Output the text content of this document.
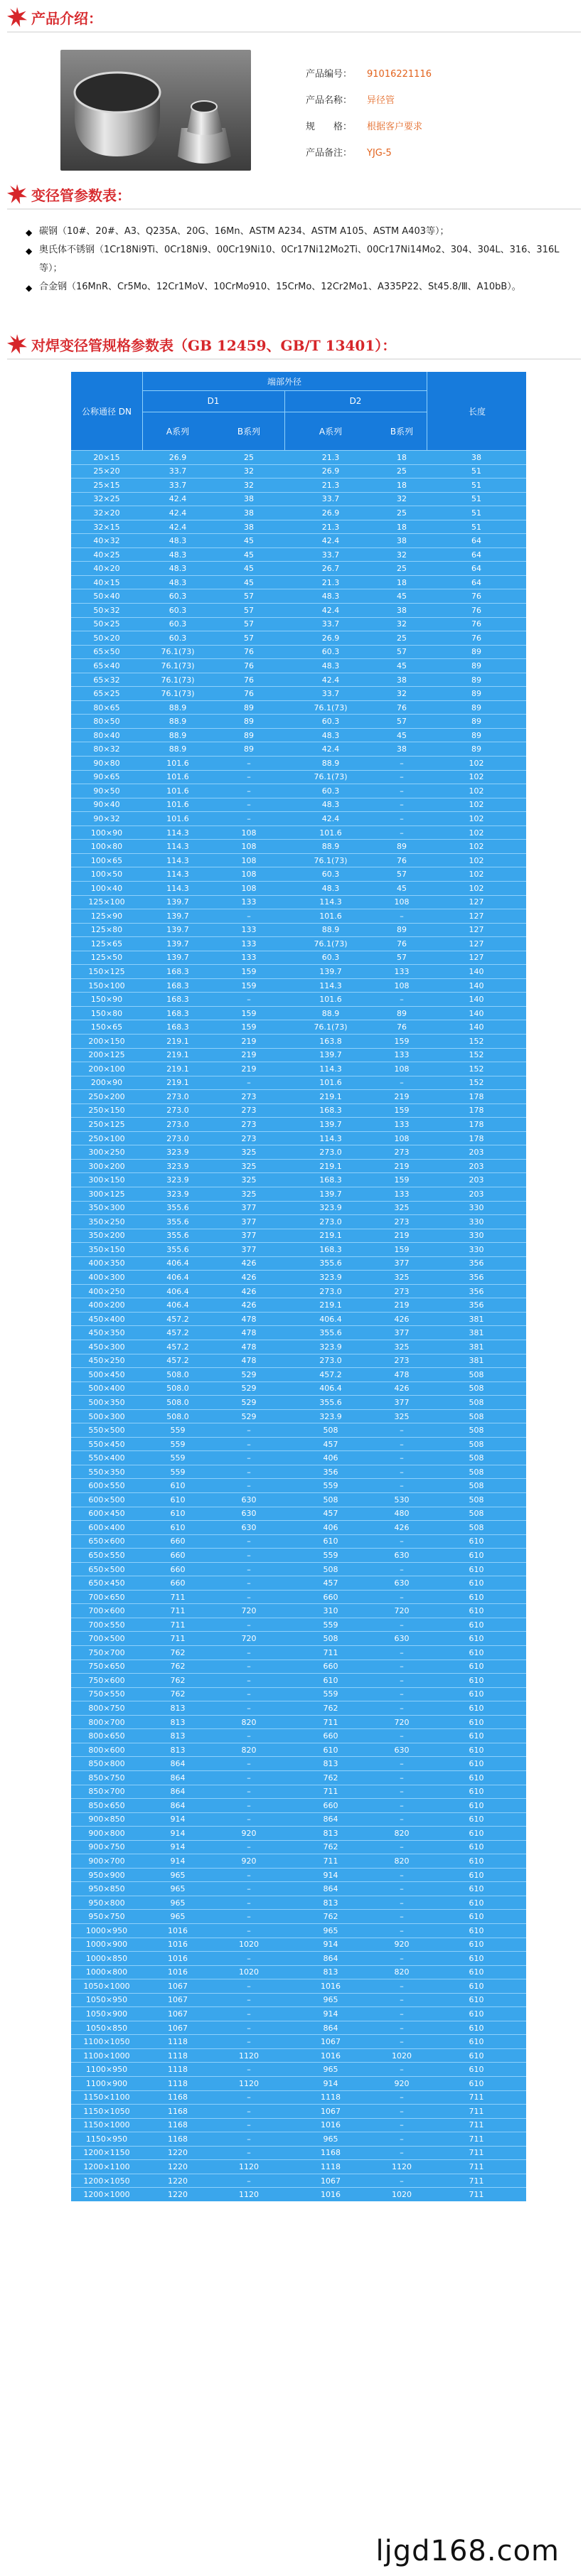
产品介绍：
产品编号： 91016221116
产品名称： 异径管
规　　格： 根据客户要求
产品备注： YJG-5
变径管参数表：
◆ 碳钢（10#、20#、A3、Q235A、20G、16Mn、ASTM A234、ASTM A105、ASTM A403等）；
◆ 奥氏体不锈钢（1Cr18Ni9Ti、0Cr18Ni9、00Cr19Ni10、0Cr17Ni12Mo2Ti、00Cr17Ni14Mo2、304、304L、316、316L等）；
◆ 合金钢（16MnR、Cr5Mo、12Cr1MoV、10CrMo910、15CrMo、12Cr2Mo1、A335P22、St45.8/Ⅲ、A10bB）。
对焊变径管规格参数表（GB 12459、GB/T 13401）：
公称通径 DN
端部外径
D1	D2
A系列	B系列	A系列	B系列
长度
20×15	26.9	25	21.3	18	38
25×20	33.7	32	26.9	25	51
25×15	33.7	32	21.3	18	51
32×25	42.4	38	33.7	32	51
32×20	42.4	38	26.9	25	51
32×15	42.4	38	21.3	18	51
40×32	48.3	45	42.4	38	64
40×25	48.3	45	33.7	32	64
40×20	48.3	45	26.7	25	64
40×15	48.3	45	21.3	18	64
50×40	60.3	57	48.3	45	76
50×32	60.3	57	42.4	38	76
50×25	60.3	57	33.7	32	76
50×20	60.3	57	26.9	25	76
65×50	76.1(73)	76	60.3	57	89
65×40	76.1(73)	76	48.3	45	89
65×32	76.1(73)	76	42.4	38	89
65×25	76.1(73)	76	33.7	32	89
80×65	88.9	89	76.1(73)	76	89
80×50	88.9	89	60.3	57	89
80×40	88.9	89	48.3	45	89
80×32	88.9	89	42.4	38	89
90×80	101.6	–	88.9	–	102
90×65	101.6	–	76.1(73)	–	102
90×50	101.6	–	60.3	–	102
90×40	101.6	–	48.3	–	102
90×32	101.6	–	42.4	–	102
100×90	114.3	108	101.6	–	102
100×80	114.3	108	88.9	89	102
100×65	114.3	108	76.1(73)	76	102
100×50	114.3	108	60.3	57	102
100×40	114.3	108	48.3	45	102
125×100	139.7	133	114.3	108	127
125×90	139.7	–	101.6	–	127
125×80	139.7	133	88.9	89	127
125×65	139.7	133	76.1(73)	76	127
125×50	139.7	133	60.3	57	127
150×125	168.3	159	139.7	133	140
150×100	168.3	159	114.3	108	140
150×90	168.3	–	101.6	–	140
150×80	168.3	159	88.9	89	140
150×65	168.3	159	76.1(73)	76	140
200×150	219.1	219	163.8	159	152
200×125	219.1	219	139.7	133	152
200×100	219.1	219	114.3	108	152
200×90	219.1	–	101.6	–	152
250×200	273.0	273	219.1	219	178
250×150	273.0	273	168.3	159	178
250×125	273.0	273	139.7	133	178
250×100	273.0	273	114.3	108	178
300×250	323.9	325	273.0	273	203
300×200	323.9	325	219.1	219	203
300×150	323.9	325	168.3	159	203
300×125	323.9	325	139.7	133	203
350×300	355.6	377	323.9	325	330
350×250	355.6	377	273.0	273	330
350×200	355.6	377	219.1	219	330
350×150	355.6	377	168.3	159	330
400×350	406.4	426	355.6	377	356
400×300	406.4	426	323.9	325	356
400×250	406.4	426	273.0	273	356
400×200	406.4	426	219.1	219	356
450×400	457.2	478	406.4	426	381
450×350	457.2	478	355.6	377	381
450×300	457.2	478	323.9	325	381
450×250	457.2	478	273.0	273	381
500×450	508.0	529	457.2	478	508
500×400	508.0	529	406.4	426	508
500×350	508.0	529	355.6	377	508
500×300	508.0	529	323.9	325	508
550×500	559	–	508	–	508
550×450	559	–	457	–	508
550×400	559	–	406	–	508
550×350	559	–	356	–	508
600×550	610	–	559	–	508
600×500	610	630	508	530	508
600×450	610	630	457	480	508
600×400	610	630	406	426	508
650×600	660	–	610	–	610
650×550	660	–	559	630	610
650×500	660	–	508	–	610
650×450	660	–	457	630	610
700×650	711	–	660	–	610
700×600	711	720	310	720	610
700×550	711	–	559	–	610
700×500	711	720	508	630	610
750×700	762	–	711	–	610
750×650	762	–	660	–	610
750×600	762	–	610	–	610
750×550	762	–	559	–	610
800×750	813	–	762	–	610
800×700	813	820	711	720	610
800×650	813	–	660	–	610
800×600	813	820	610	630	610
850×800	864	–	813	–	610
850×750	864	–	762	–	610
850×700	864	–	711	–	610
850×650	864	–	660	–	610
900×850	914	–	864	–	610
900×800	914	920	813	820	610
900×750	914	–	762	–	610
900×700	914	920	711	820	610
950×900	965	–	914	–	610
950×850	965	–	864	–	610
950×800	965	–	813	–	610
950×750	965	–	762	–	610
1000×950	1016	–	965	–	610
1000×900	1016	1020	914	920	610
1000×850	1016	–	864	–	610
1000×800	1016	1020	813	820	610
1050×1000	1067	–	1016	–	610
1050×950	1067	–	965	–	610
1050×900	1067	–	914	–	610
1050×850	1067	–	864	–	610
1100×1050	1118	–	1067	–	610
1100×1000	1118	1120	1016	1020	610
1100×950	1118	–	965	–	610
1100×900	1118	1120	914	920	610
1150×1100	1168	–	1118	–	711
1150×1050	1168	–	1067	–	711
1150×1000	1168	–	1016	–	711
1150×950	1168	–	965	–	711
1200×1150	1220	–	1168	–	711
1200×1100	1220	1120	1118	1120	711
1200×1050	1220	–	1067	–	711
1200×1000	1220	1120	1016	1020	711
ljgd168.com
